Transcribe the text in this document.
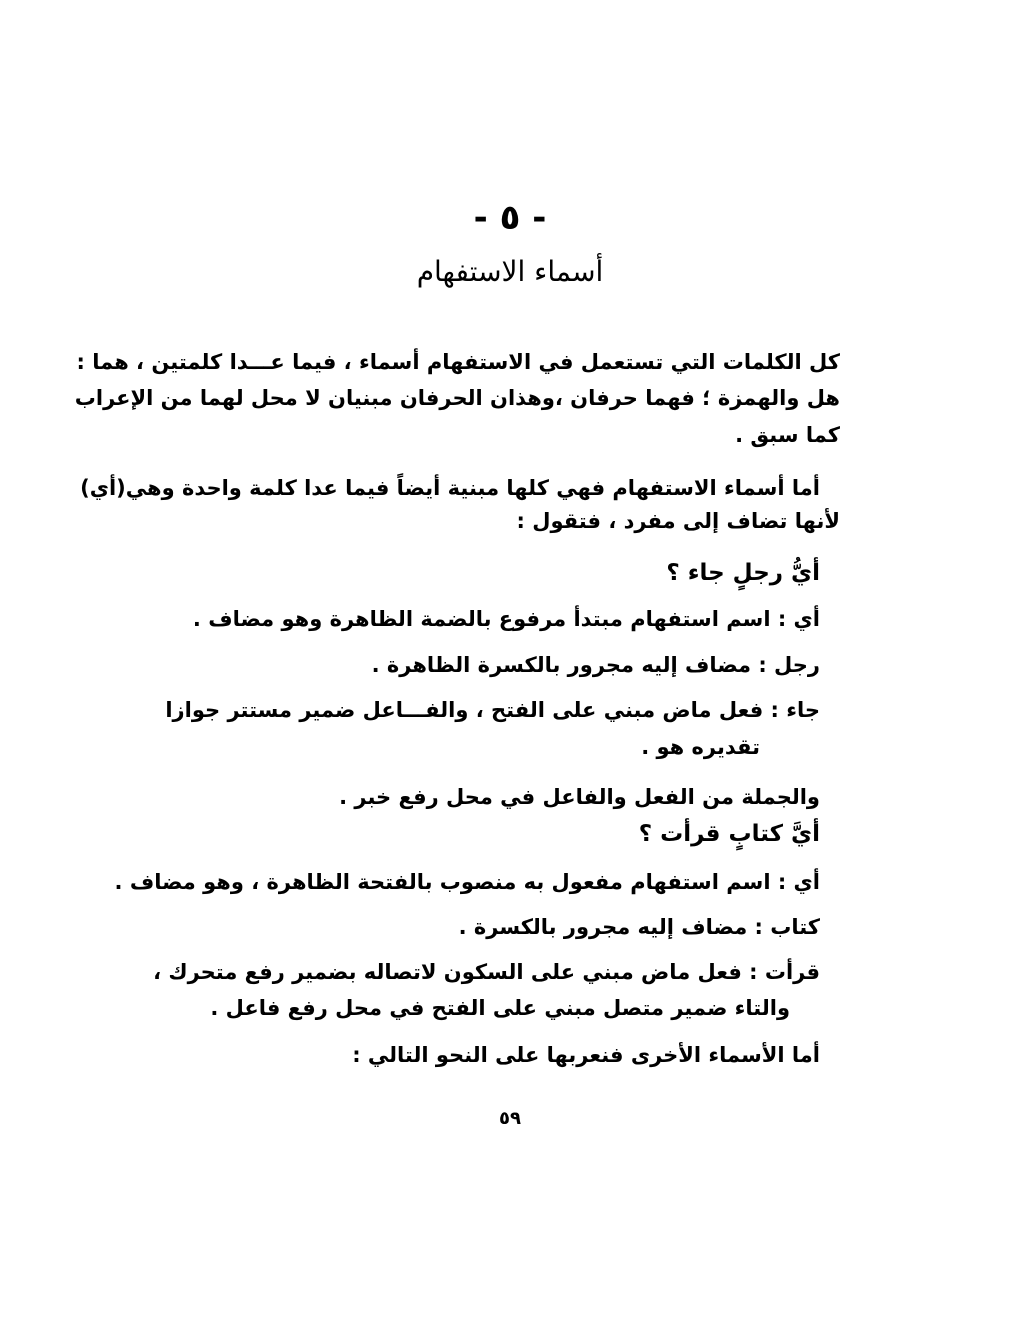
- ٥ -
أسماء الاستفهام
كل الكلمات التي تستعمل في الاستفهام أسماء ، فيما عـــدا كلمتين ، هما :
هل والهمزة ؛ فهما حرفان ،وهذان الحرفان مبنيان لا محل لهما من الإعراب
كما سبق .
أما أسماء الاستفهام فهي كلها مبنية أيضاً فيما عدا كلمة واحدة وهي(أي)
لأنها تضاف إلى مفرد ، فتقول :
أيُّ رجلٍ جاء ؟
أي : اسم استفهام مبتدأ مرفوع بالضمة الظاهرة وهو مضاف .
رجل : مضاف إليه مجرور بالكسرة الظاهرة .
جاء : فعل ماض مبني على الفتح ، والفـــاعل ضمير مستتر جوازا
تقديره هو .
والجملة من الفعل والفاعل في محل رفع خبر .
أيَّ كتابٍ قرأت ؟
أي : اسم استفهام مفعول به منصوب بالفتحة الظاهرة ، وهو مضاف .
كتاب : مضاف إليه مجرور بالكسرة .
قرأت : فعل ماض مبني على السكون لاتصاله بضمير رفع متحرك ،
والتاء ضمير متصل مبني على الفتح في محل رفع فاعل .
أما الأسماء الأخرى فنعربها على النحو التالي :
٥٩
